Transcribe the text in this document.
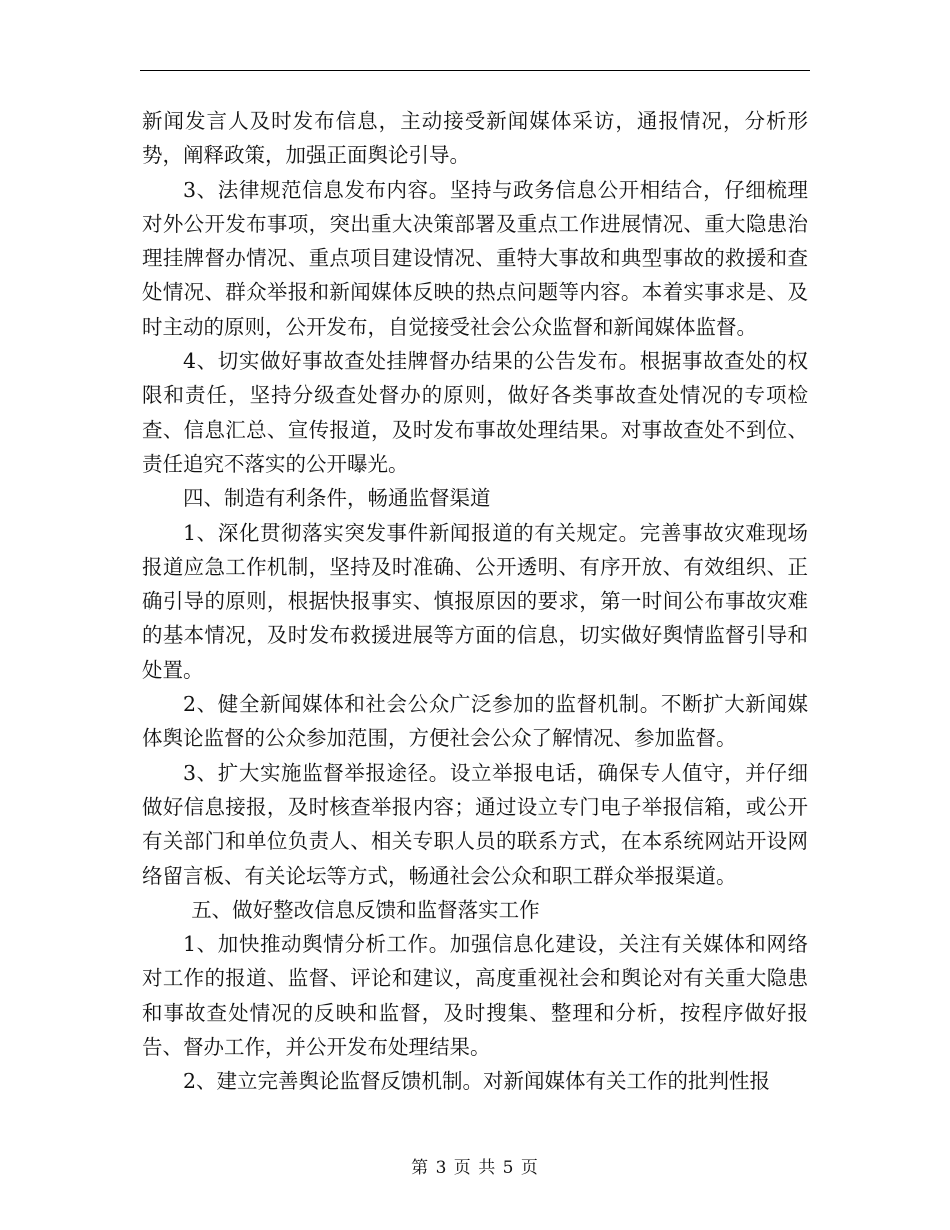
新闻发言人及时发布信息，主动接受新闻媒体采访，通报情况，分析形势，阐释政策，加强正面舆论引导。

3、法律规范信息发布内容。坚持与政务信息公开相结合，仔细梳理对外公开发布事项，突出重大决策部署及重点工作进展情况、重大隐患治理挂牌督办情况、重点项目建设情况、重特大事故和典型事故的救援和查处情况、群众举报和新闻媒体反映的热点问题等内容。本着实事求是、及时主动的原则，公开发布，自觉接受社会公众监督和新闻媒体监督。

4、切实做好事故查处挂牌督办结果的公告发布。根据事故查处的权限和责任，坚持分级查处督办的原则，做好各类事故查处情况的专项检查、信息汇总、宣传报道，及时发布事故处理结果。对事故查处不到位、责任追究不落实的公开曝光。

四、制造有利条件，畅通监督渠道

1、深化贯彻落实突发事件新闻报道的有关规定。完善事故灾难现场报道应急工作机制，坚持及时准确、公开透明、有序开放、有效组织、正确引导的原则，根据快报事实、慎报原因的要求，第一时间公布事故灾难的基本情况，及时发布救援进展等方面的信息，切实做好舆情监督引导和处置。

2、健全新闻媒体和社会公众广泛参加的监督机制。不断扩大新闻媒体舆论监督的公众参加范围，方便社会公众了解情况、参加监督。

3、扩大实施监督举报途径。设立举报电话，确保专人值守，并仔细做好信息接报，及时核查举报内容；通过设立专门电子举报信箱，或公开有关部门和单位负责人、相关专职人员的联系方式，在本系统网站开设网络留言板、有关论坛等方式，畅通社会公众和职工群众举报渠道。

五、做好整改信息反馈和监督落实工作

1、加快推动舆情分析工作。加强信息化建设，关注有关媒体和网络对工作的报道、监督、评论和建议，高度重视社会和舆论对有关重大隐患和事故查处情况的反映和监督，及时搜集、整理和分析，按程序做好报告、督办工作，并公开发布处理结果。

2、建立完善舆论监督反馈机制。对新闻媒体有关工作的批判性报

第 3 页 共 5 页
